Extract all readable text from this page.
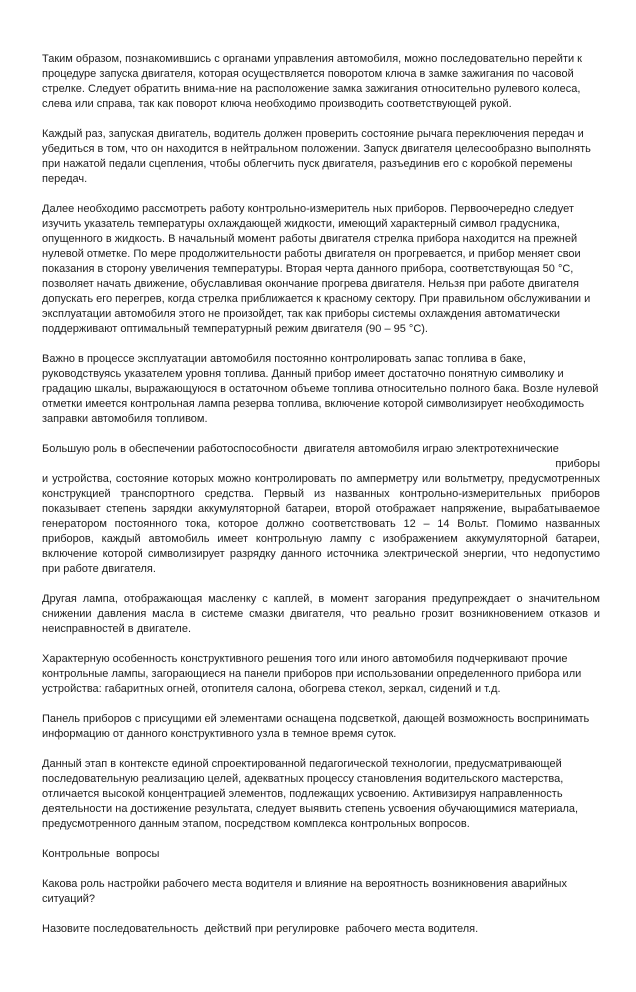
Таким образом, познакомившись с органами управления автомобиля, можно последовательно перейти к процедуре запуска двигателя, которая осуществляется поворотом ключа в замке зажигания по часовой стрелке. Следует обратить внима-ние на расположение замка зажигания относительно рулевого колеса, слева или справа, так как поворот ключа необходимо производить соответствующей рукой.

Каждый раз, запуская двигатель, водитель должен проверить состояние рычага переключения передач и убедиться в том, что он находится в нейтральном положении. Запуск двигателя целесообразно выполнять при нажатой педали сцепления, чтобы облегчить пуск двигателя, разъединив его с коробкой перемены передач.

Далее необходимо рассмотреть работу контрольно-измеритель ных приборов. Первоочередно следует изучить указатель температуры охлаждающей жидкости, имеющий характерный символ градусника, опущенного в жидкость. В начальный момент работы двигателя стрелка прибора находится на прежней нулевой отметке. По мере продолжительности работы двигателя он прогревается, и прибор меняет свои показания в сторону увеличения температуры. Вторая черта данного прибора, соответствующая 50 °С, позволяет начать движение, обуславливая окончание прогрева двигателя. Нельзя при работе двигателя допускать его перегрев, когда стрелка приближается к красному сектору. При правильном обслуживании и эксплуатации автомобиля этого не произойдет, так как приборы системы охлаждения автоматически поддерживают оптимальный температурный режим двигателя (90 – 95 °С).

Важно в процессе эксплуатации автомобиля постоянно контролировать запас топлива в баке, руководствуясь указателем уровня топлива. Данный прибор имеет достаточно понятную символику и градацию шкалы, выражающуюся в остаточном объеме топлива относительно полного бака. Возле нулевой отметки имеется контрольная лампа резерва топлива, включение которой символизирует необходимость заправки автомобиля топливом.

Большую роль в обеспечении работоспособности  двигателя автомобиля играю электротехнические
приборы
и устройства, состояние которых можно контролировать по амперметру или вольтметру, предусмотренных конструкцией транспортного средства. Первый из названных контрольно-измерительных приборов показывает степень зарядки аккумуляторной батареи, второй отображает напряжение, вырабатываемое генератором постоянного тока, которое должно соответствовать 12 – 14 Вольт. Помимо названных приборов, каждый автомобиль имеет контрольную лампу с изображением аккумуляторной батареи, включение которой символизирует разрядку данного источника электрической энергии, что недопустимо при работе двигателя.

Другая лампа, отображающая масленку с каплей, в момент загорания предупреждает о значительном снижении давления масла в системе смазки двигателя, что реально грозит возникновением отказов и неисправностей в двигателе.

Характерную особенность конструктивного решения того или иного автомобиля подчеркивают прочие контрольные лампы, загорающиеся на панели приборов при использовании определенного прибора или устройства: габаритных огней, отопителя салона, обогрева стекол, зеркал, сидений и т.д.

Панель приборов с присущими ей элементами оснащена подсветкой, дающей возможность воспринимать информацию от данного конструктивного узла в темное время суток.

Данный этап в контексте единой спроектированной педагогической технологии, предусматривающей последовательную реализацию целей, адекватных процессу становления водительского мастерства, отличается высокой концентрацией элементов, подлежащих усвоению. Активизируя направленность деятельности на достижение результата, следует выявить степень усвоения обучающимися материала, предусмотренного данным этапом, посредством комплекса контрольных вопросов.

Контрольные  вопросы

Какова роль настройки рабочего места водителя и влияние на вероятность возникновения аварийных ситуаций?

Назовите последовательность  действий при регулировке  рабочего места водителя.
